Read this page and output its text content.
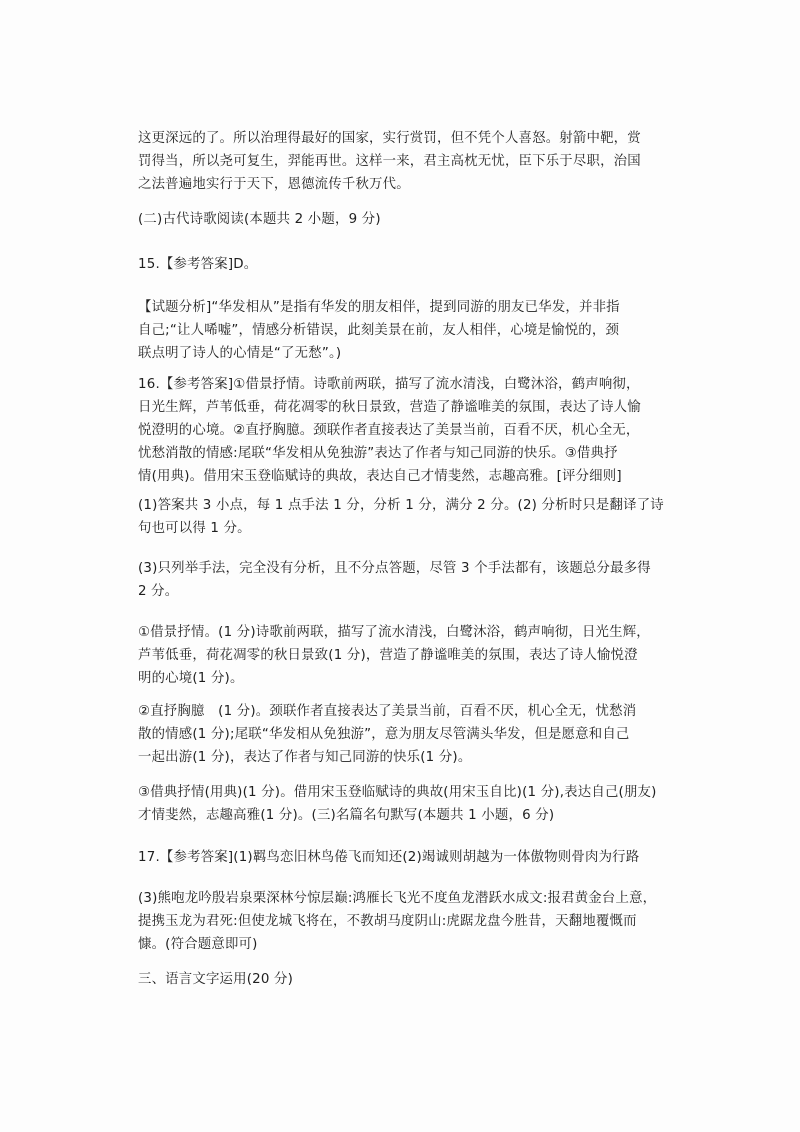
这更深远的了。所以治理得最好的国家，实行赏罚，但不凭个人喜怒。射箭中靶，赏
罚得当，所以尧可复生，羿能再世。这样一来，君主高枕无忧，臣下乐于尽职，治国
之法普遍地实行于天下，恩德流传千秋万代。
(二)古代诗歌阅读(本题共 2 小题，9 分)
15.【参考答案]D。
【试题分析]“华发相从”是指有华发的朋友相伴，提到同游的朋友已华发，并非指
自己;“让人唏嘘”，情感分析错误，此刻美景在前，友人相伴，心境是愉悦的，颈
联点明了诗人的心情是“了无愁”。)
16.【参考答案]①借景抒情。诗歌前两联，描写了流水清浅，白鹭沐浴，鹤声响彻，
日光生辉，芦苇低垂，荷花凋零的秋日景致，营造了静谧唯美的氛围，表达了诗人愉
悦澄明的心境。②直抒胸臆。颈联作者直接表达了美景当前，百看不厌，机心全无，
忧愁消散的情感:尾联“华发相从免独游”表达了作者与知己同游的快乐。③借典抒
情(用典)。借用宋玉登临赋诗的典故，表达自己才情斐然，志趣高雅。[评分细则]
(1)答案共 3 小点，每 1 点手法 1 分，分析 1 分，满分 2 分。(2) 分析时只是翻译了诗
句也可以得 1 分。
(3)只列举手法，完全没有分析，且不分点答题，尽管 3 个手法都有，该题总分最多得
2 分。
①借景抒情。(1 分)诗歌前两联，描写了流水清浅，白鹭沐浴，鹤声响彻，日光生辉，
芦苇低垂，荷花凋零的秋日景致(1 分)，营造了静谧唯美的氛围，表达了诗人愉悦澄
明的心境(1 分)。
②直抒胸臆　(1 分)。颈联作者直接表达了美景当前，百看不厌，机心全无，忧愁消
散的情感(1 分);尾联“华发相从免独游”，意为朋友尽管满头华发，但是愿意和自己
一起出游(1 分)，表达了作者与知己同游的快乐(1 分)。
③借典抒情(用典)(1 分)。借用宋玉登临赋诗的典故(用宋玉自比)(1 分),表达自己(朋友)
才情斐然，志趣高雅(1 分)。(三)名篇名句默写(本题共 1 小题，6 分)
17.【参考答案](1)羁鸟恋旧林鸟倦飞而知还(2)竭诚则胡越为一体傲物则骨肉为行路
(3)熊咆龙吟殷岩泉栗深林兮惊层巅:鸿雁长飞光不度鱼龙潜跃水成文:报君黄金台上意，
提携玉龙为君死:但使龙城飞将在，不教胡马度阴山:虎踞龙盘今胜昔，天翻地覆慨而
慷。(符合题意即可)
三、语言文字运用(20 分)
